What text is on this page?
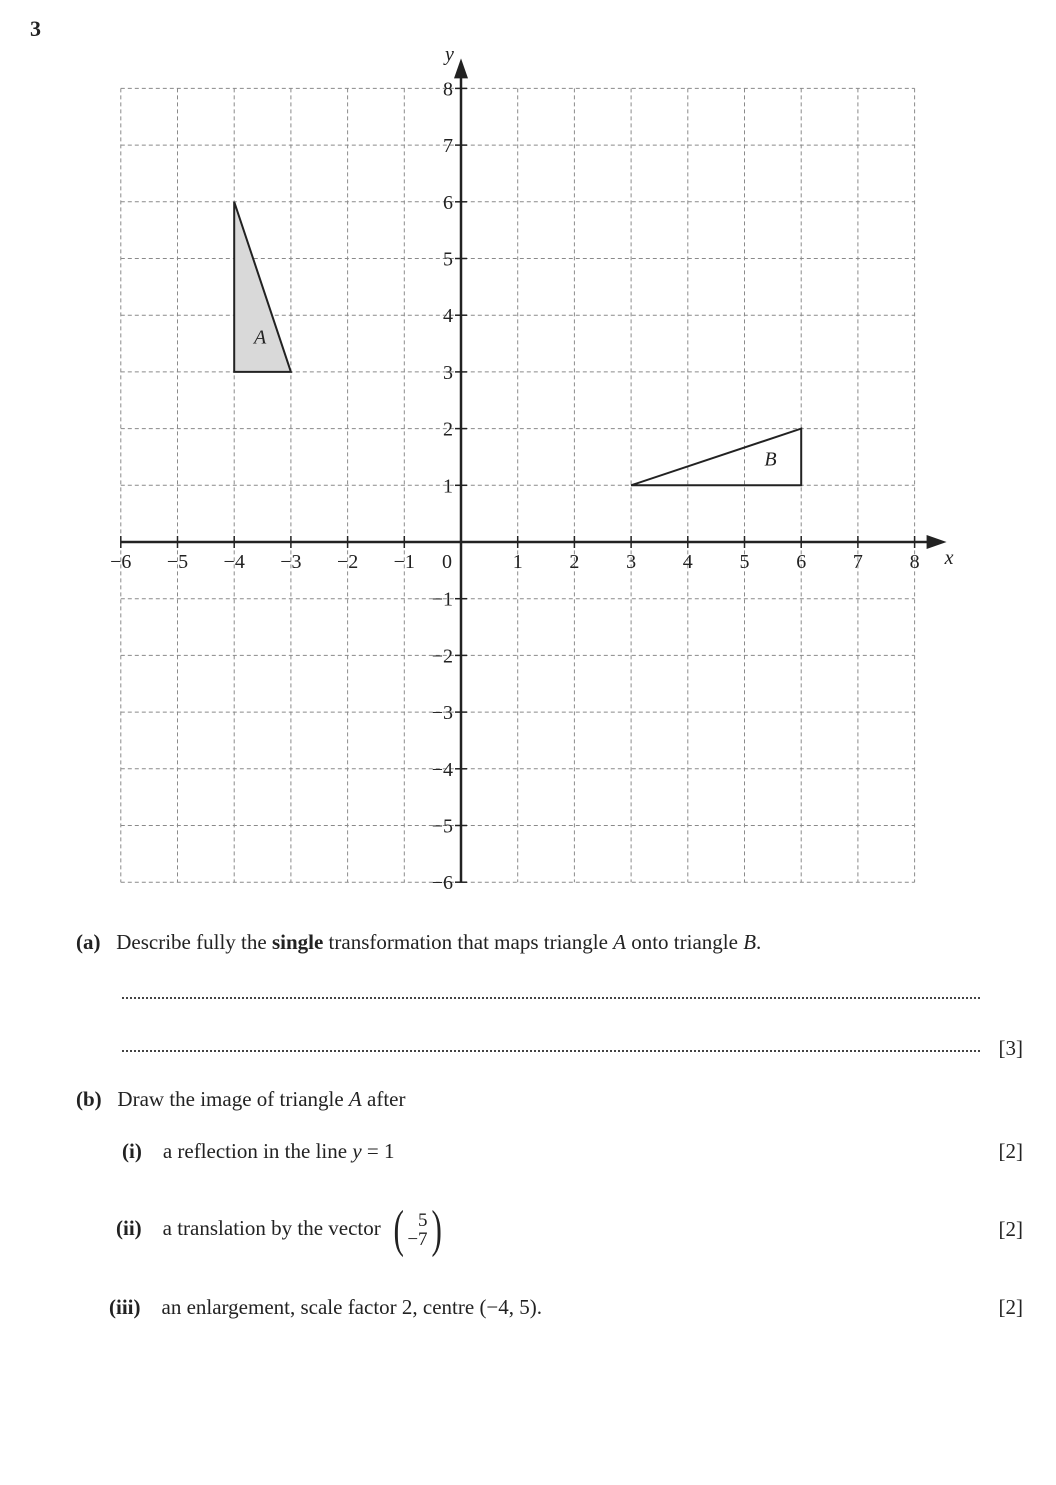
3
A
B
−6 −5 −4 −3 −2 −1 0	1 2 3 4 5 6 7 8
8
7
6
5
4
3
2
1
−1
−2
−3
−4
−5
−6
x
y
(a) Describe fully the single transformation that maps triangle A onto triangle B.
[3]
(b) Draw the image of triangle A after
(i) a reflection in the line y = 1	[2]
(ii) a translation by the vector ( 5
−7 )	[2]
(iii) an enlargement, scale factor 2, centre (−4, 5).	[2]
